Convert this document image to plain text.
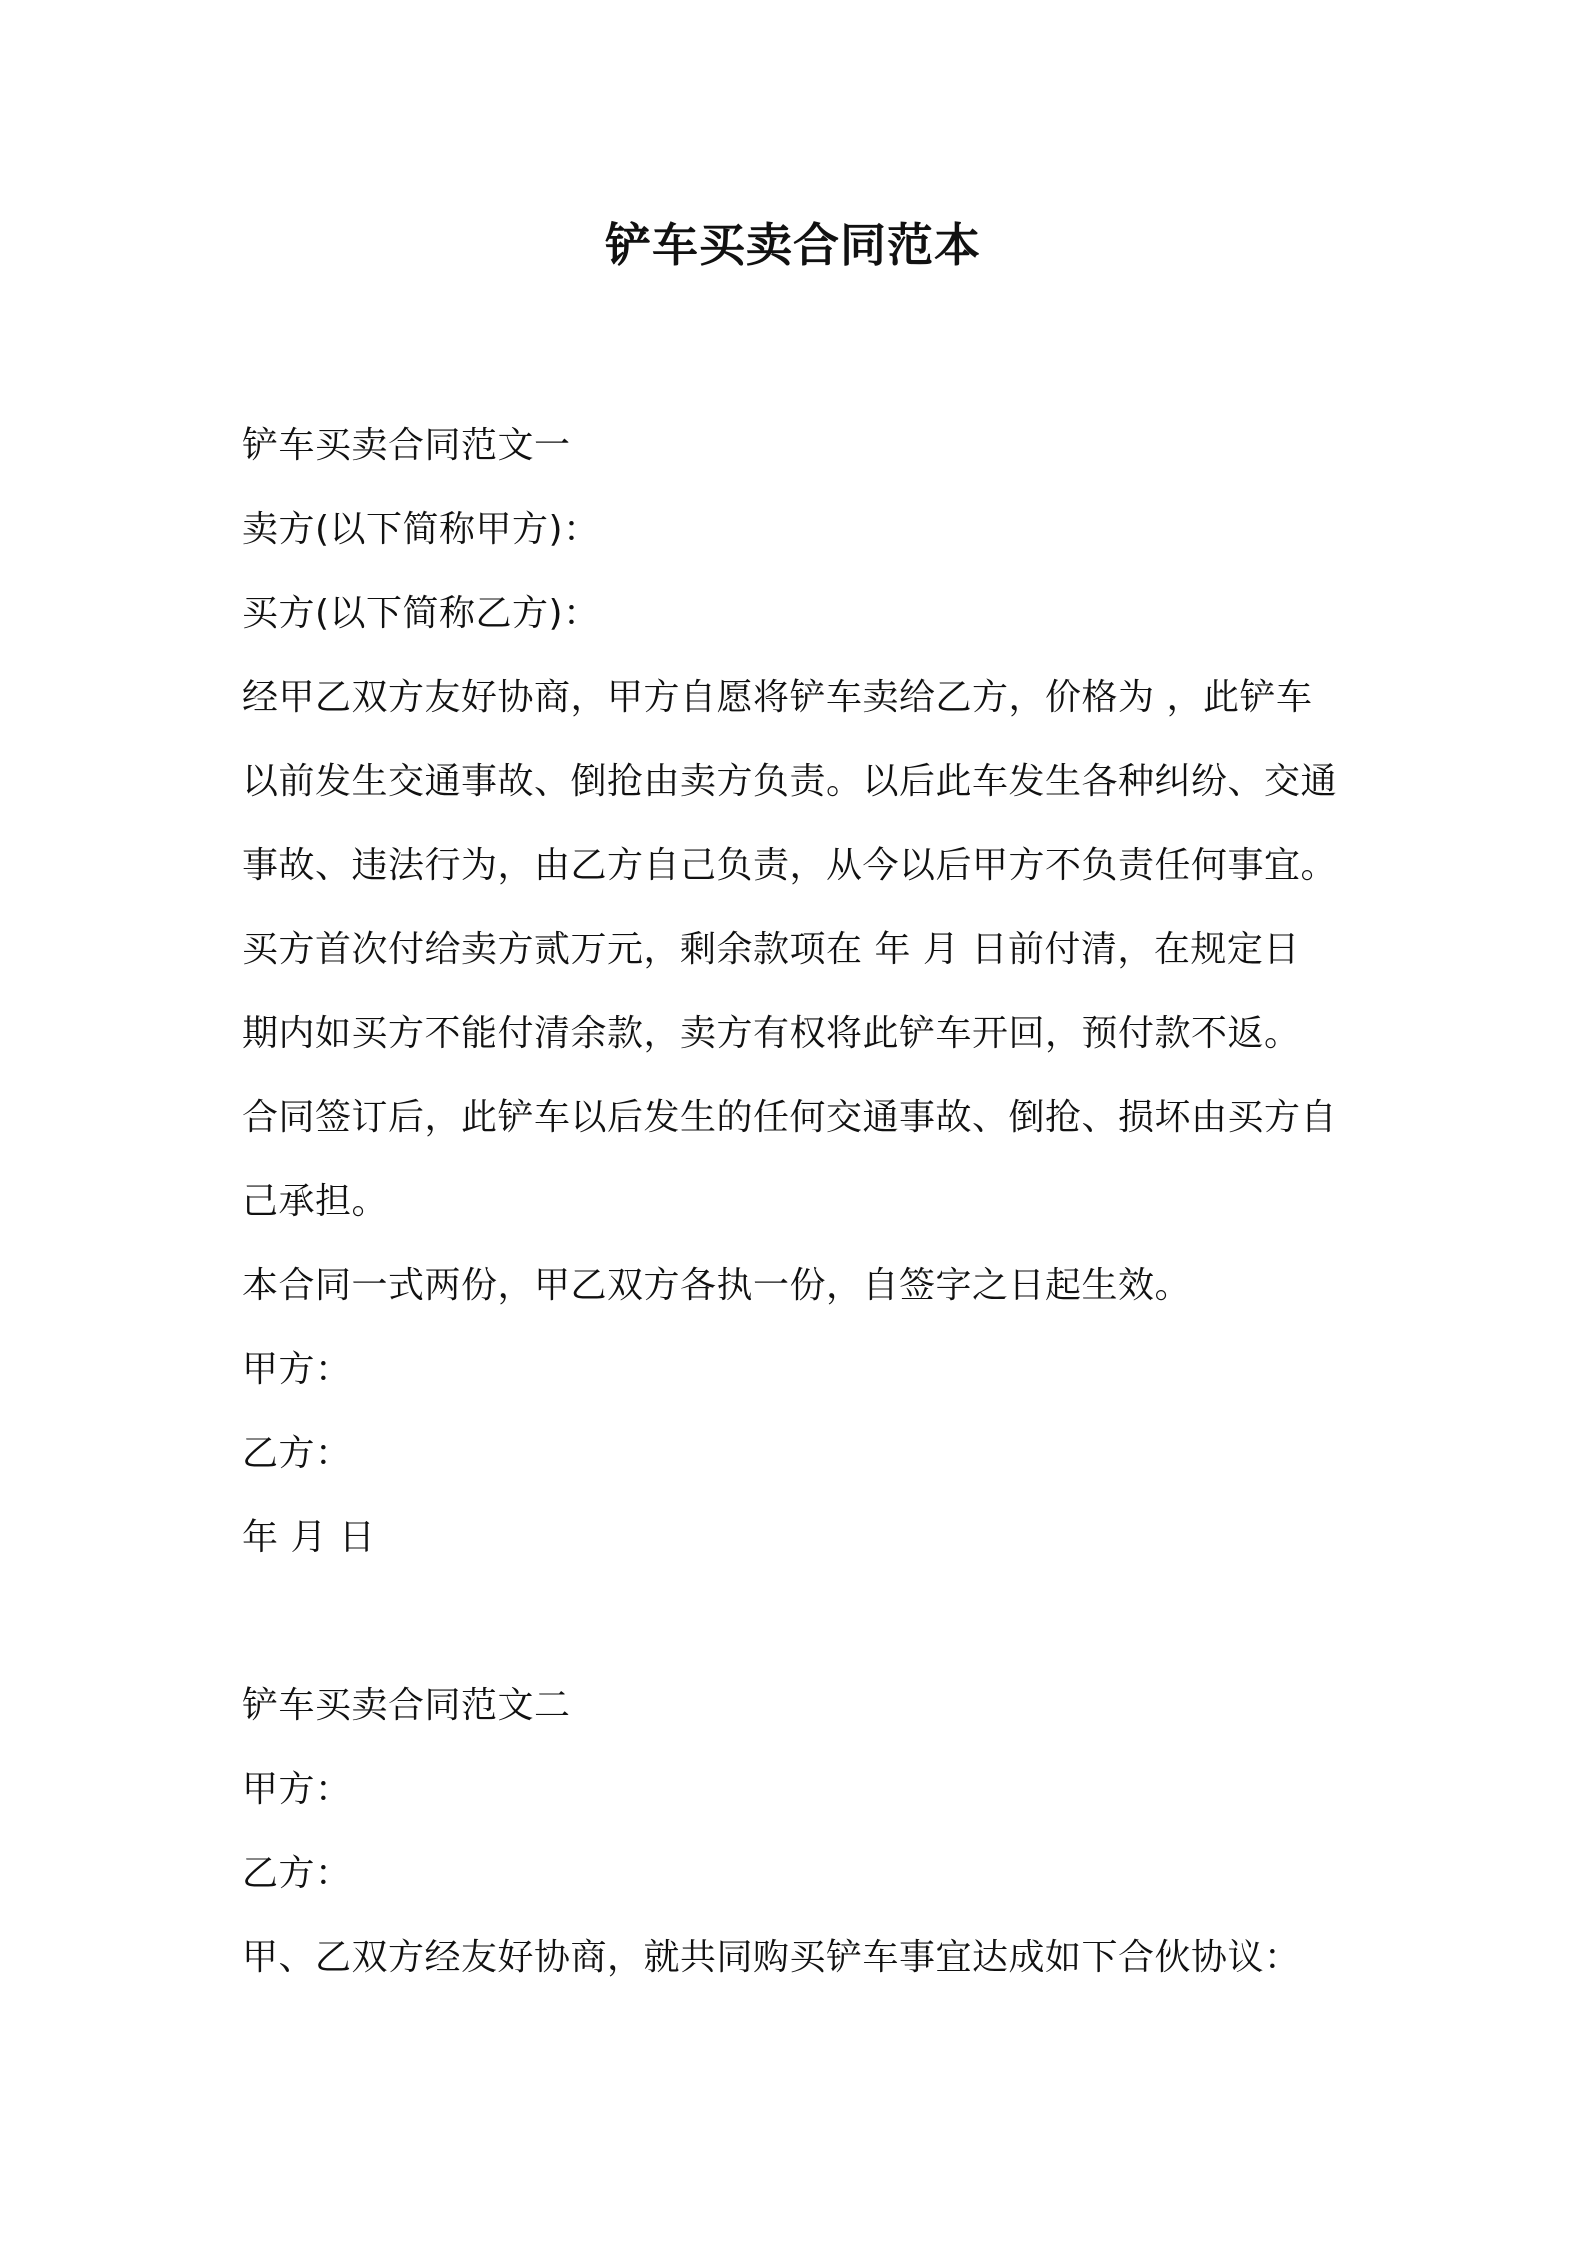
铲车买卖合同范本
铲车买卖合同范文一
卖方(以下简称甲方)：
买方(以下简称乙方)：
经甲乙双方友好协商，甲方自愿将铲车卖给乙方，价格为 ，此铲车
以前发生交通事故、倒抢由卖方负责。以后此车发生各种纠纷、交通
事故、违法行为，由乙方自己负责，从今以后甲方不负责任何事宜。
买方首次付给卖方贰万元，剩余款项在 年 月 日前付清，在规定日
期内如买方不能付清余款，卖方有权将此铲车开回，预付款不返。
合同签订后，此铲车以后发生的任何交通事故、倒抢、损坏由买方自
己承担。
本合同一式两份，甲乙双方各执一份，自签字之日起生效。
甲方：
乙方：
年 月 日
铲车买卖合同范文二
甲方：
乙方：
甲、乙双方经友好协商，就共同购买铲车事宜达成如下合伙协议：
